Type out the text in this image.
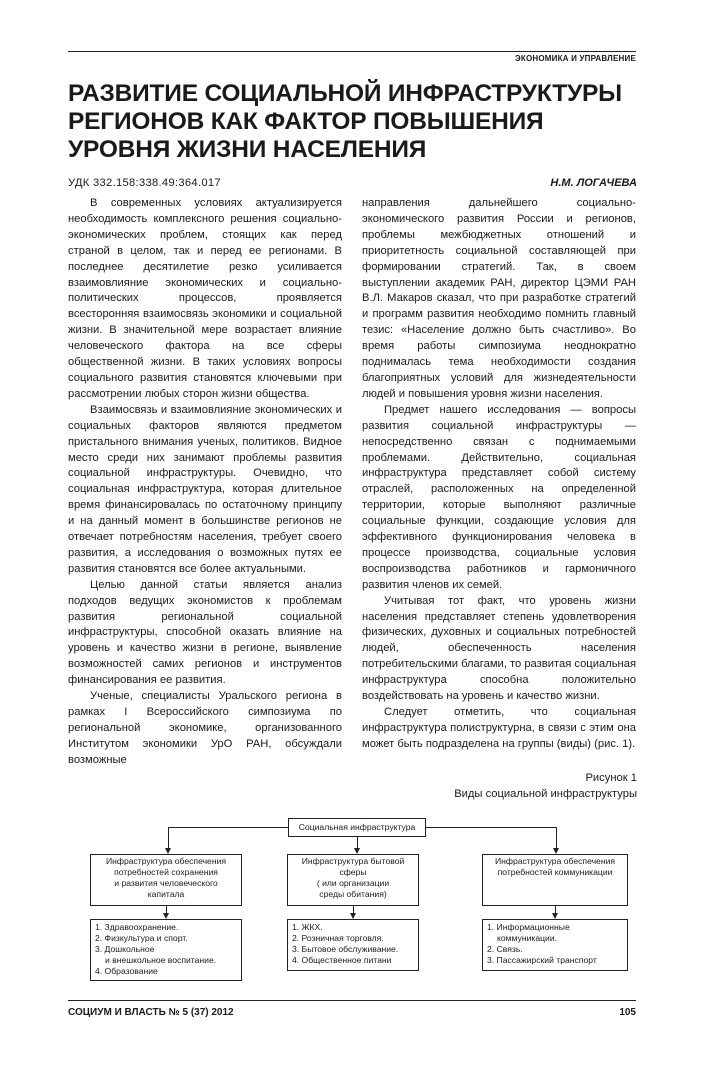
ЭКОНОМИКА И УПРАВЛЕНИЕ
РАЗВИТИЕ СОЦИАЛЬНОЙ ИНФРАСТРУКТУРЫ РЕГИОНОВ КАК ФАКТОР ПОВЫШЕНИЯ УРОВНЯ ЖИЗНИ НАСЕЛЕНИЯ
УДК 332.158:338.49:364.017	Н.М. ЛОГАЧЕВА

В современных условиях актуализируется необходимость комплексного решения социально-экономических проблем, стоящих как перед страной в целом, так и перед ее регионами. В последнее десятилетие резко усиливается взаимовлияние экономических и социально-политических процессов, проявляется всесторонняя взаимосвязь экономики и социальной жизни. В значительной мере возрастает влияние человеческого фактора на все сферы общественной жизни. В таких условиях вопросы социального развития становятся ключевыми при рассмотрении любых сторон жизни общества.

Взаимосвязь и взаимовлияние экономических и социальных факторов являются предметом пристального внимания ученых, политиков. Видное место среди них занимают проблемы развития социальной инфраструктуры. Очевидно, что социальная инфраструктура, которая длительное время финансировалась по остаточному принципу и на данный момент в большинстве регионов не отвечает потребностям населения, требует своего развития, а исследования о возможных путях ее развития становятся все более актуальными.

Целью данной статьи является анализ подходов ведущих экономистов к проблемам развития региональной социальной инфраструктуры, способной оказать влияние на уровень и качество жизни в регионе, выявление возможностей самих регионов и инструментов финансирования ее развития.

Ученые, специалисты Уральского региона в рамках I Всероссийского симпозиума по региональной экономике, организованного Институтом экономики УрО РАН, обсуждали возможные

направления дальнейшего социально-экономического развития России и регионов, проблемы межбюджетных отношений и приоритетность социальной составляющей при формировании стратегий. Так, в своем выступлении академик РАН, директор ЦЭМИ РАН В.Л. Макаров сказал, что при разработке стратегий и программ развития необходимо помнить главный тезис: «Население должно быть счастливо». Во время работы симпозиума неоднократно поднималась тема необходимости создания благоприятных условий для жизнедеятельности людей и повышения уровня жизни населения.

Предмет нашего исследования — вопросы развития социальной инфраструктуры — непосредственно связан с поднимаемыми проблемами. Действительно, социальная инфраструктура представляет собой систему отраслей, расположенных на определенной территории, которые выполняют различные социальные функции, создающие условия для эффективного функционирования человека в процессе производства, социальные условия воспроизводства работников и гармоничного развития членов их семей.

Учитывая тот факт, что уровень жизни населения представляет степень удовлетворения физических, духовных и социальных потребностей людей, обеспеченность населения потребительскими благами, то развитая социальная инфраструктура способна положительно воздействовать на уровень и качество жизни.

Следует отметить, что социальная инфраструктура полиструктурна, в связи с этим она может быть подразделена на группы (виды) (рис. 1).

Рисунок 1
Виды социальной инфраструктуры
Социальная инфраструктура
Инфраструктура обеспечения
потребностей сохранения
и развития человеческого
капитала
1. Здравоохранение.
2. Физкультура и спорт.
3. Дошкольное
и внешкольное воспитание.
4. Образование
Инфраструктура бытовой
сферы
( или организации
среды обитания)
1. ЖКХ.
2. Розничная торговля.
3. Бытовое обслуживание.
4. Общественное питани
Инфраструктура обеспечения
потребностей коммуникации
1. Информационные
коммуникации.
2. Связь.
3. Пассажирский транспорт
СОЦИУМ И ВЛАСТЬ № 5 (37) 2012	105
